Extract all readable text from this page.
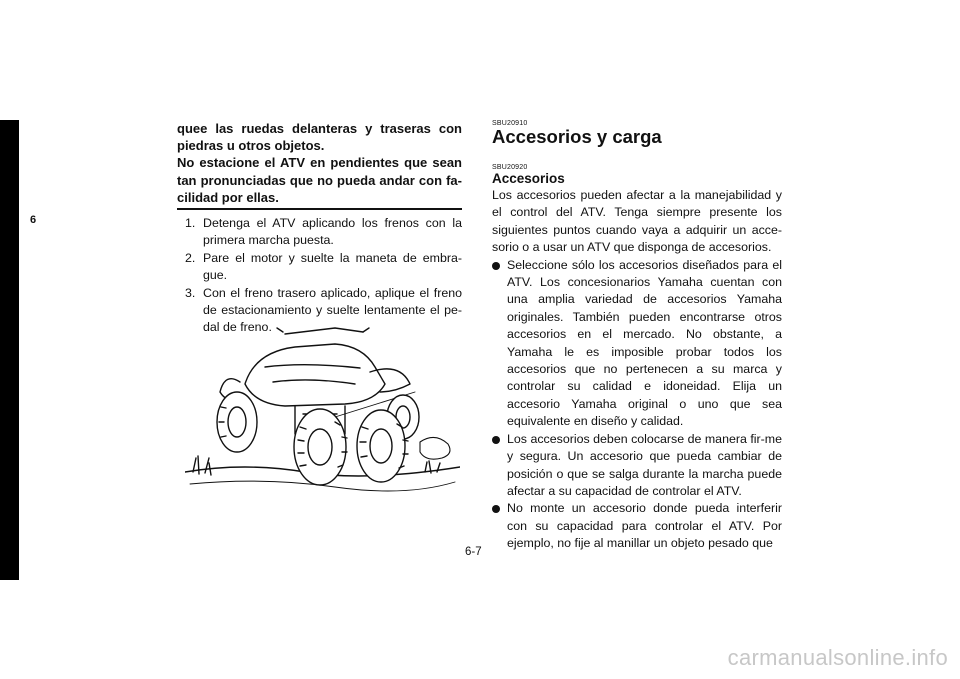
6

quee las ruedas delanteras y traseras con piedras u otros objetos.

No estacione el ATV en pendientes que sean tan pronunciadas que no pueda andar con fa-cilidad por ellas.

1. Detenga el ATV aplicando los frenos con la primera marcha puesta.
2. Pare el motor y suelte la maneta de embra-gue.
3. Con el freno trasero aplicado, aplique el freno de estacionamiento y suelte lentamente el pe-dal de freno.
SBU20910
Accesorios y carga
SBU20920
Accesorios

Los accesorios pueden afectar a la manejabilidad y el control del ATV. Tenga siempre presente los siguientes puntos cuando vaya a adquirir un acce-sorio o a usar un ATV que disponga de accesorios.

Seleccione sólo los accesorios diseñados para el ATV. Los concesionarios Yamaha cuentan con una amplia variedad de accesorios Yamaha originales. También pueden encontrarse otros accesorios en el mercado. No obstante, a Yamaha le es imposible probar todos los accesorios que no pertenecen a su marca y controlar su calidad e idoneidad. Elija un accesorio Yamaha original o uno que sea equivalente en diseño y calidad.
Los accesorios deben colocarse de manera fir-me y segura. Un accesorio que pueda cambiar de posición o que se salga durante la marcha puede afectar a su capacidad de controlar el ATV.
No monte un accesorio donde pueda interferir con su capacidad para controlar el ATV. Por ejemplo, no fije al manillar un objeto pesado que
6-7
carmanualsonline.info
